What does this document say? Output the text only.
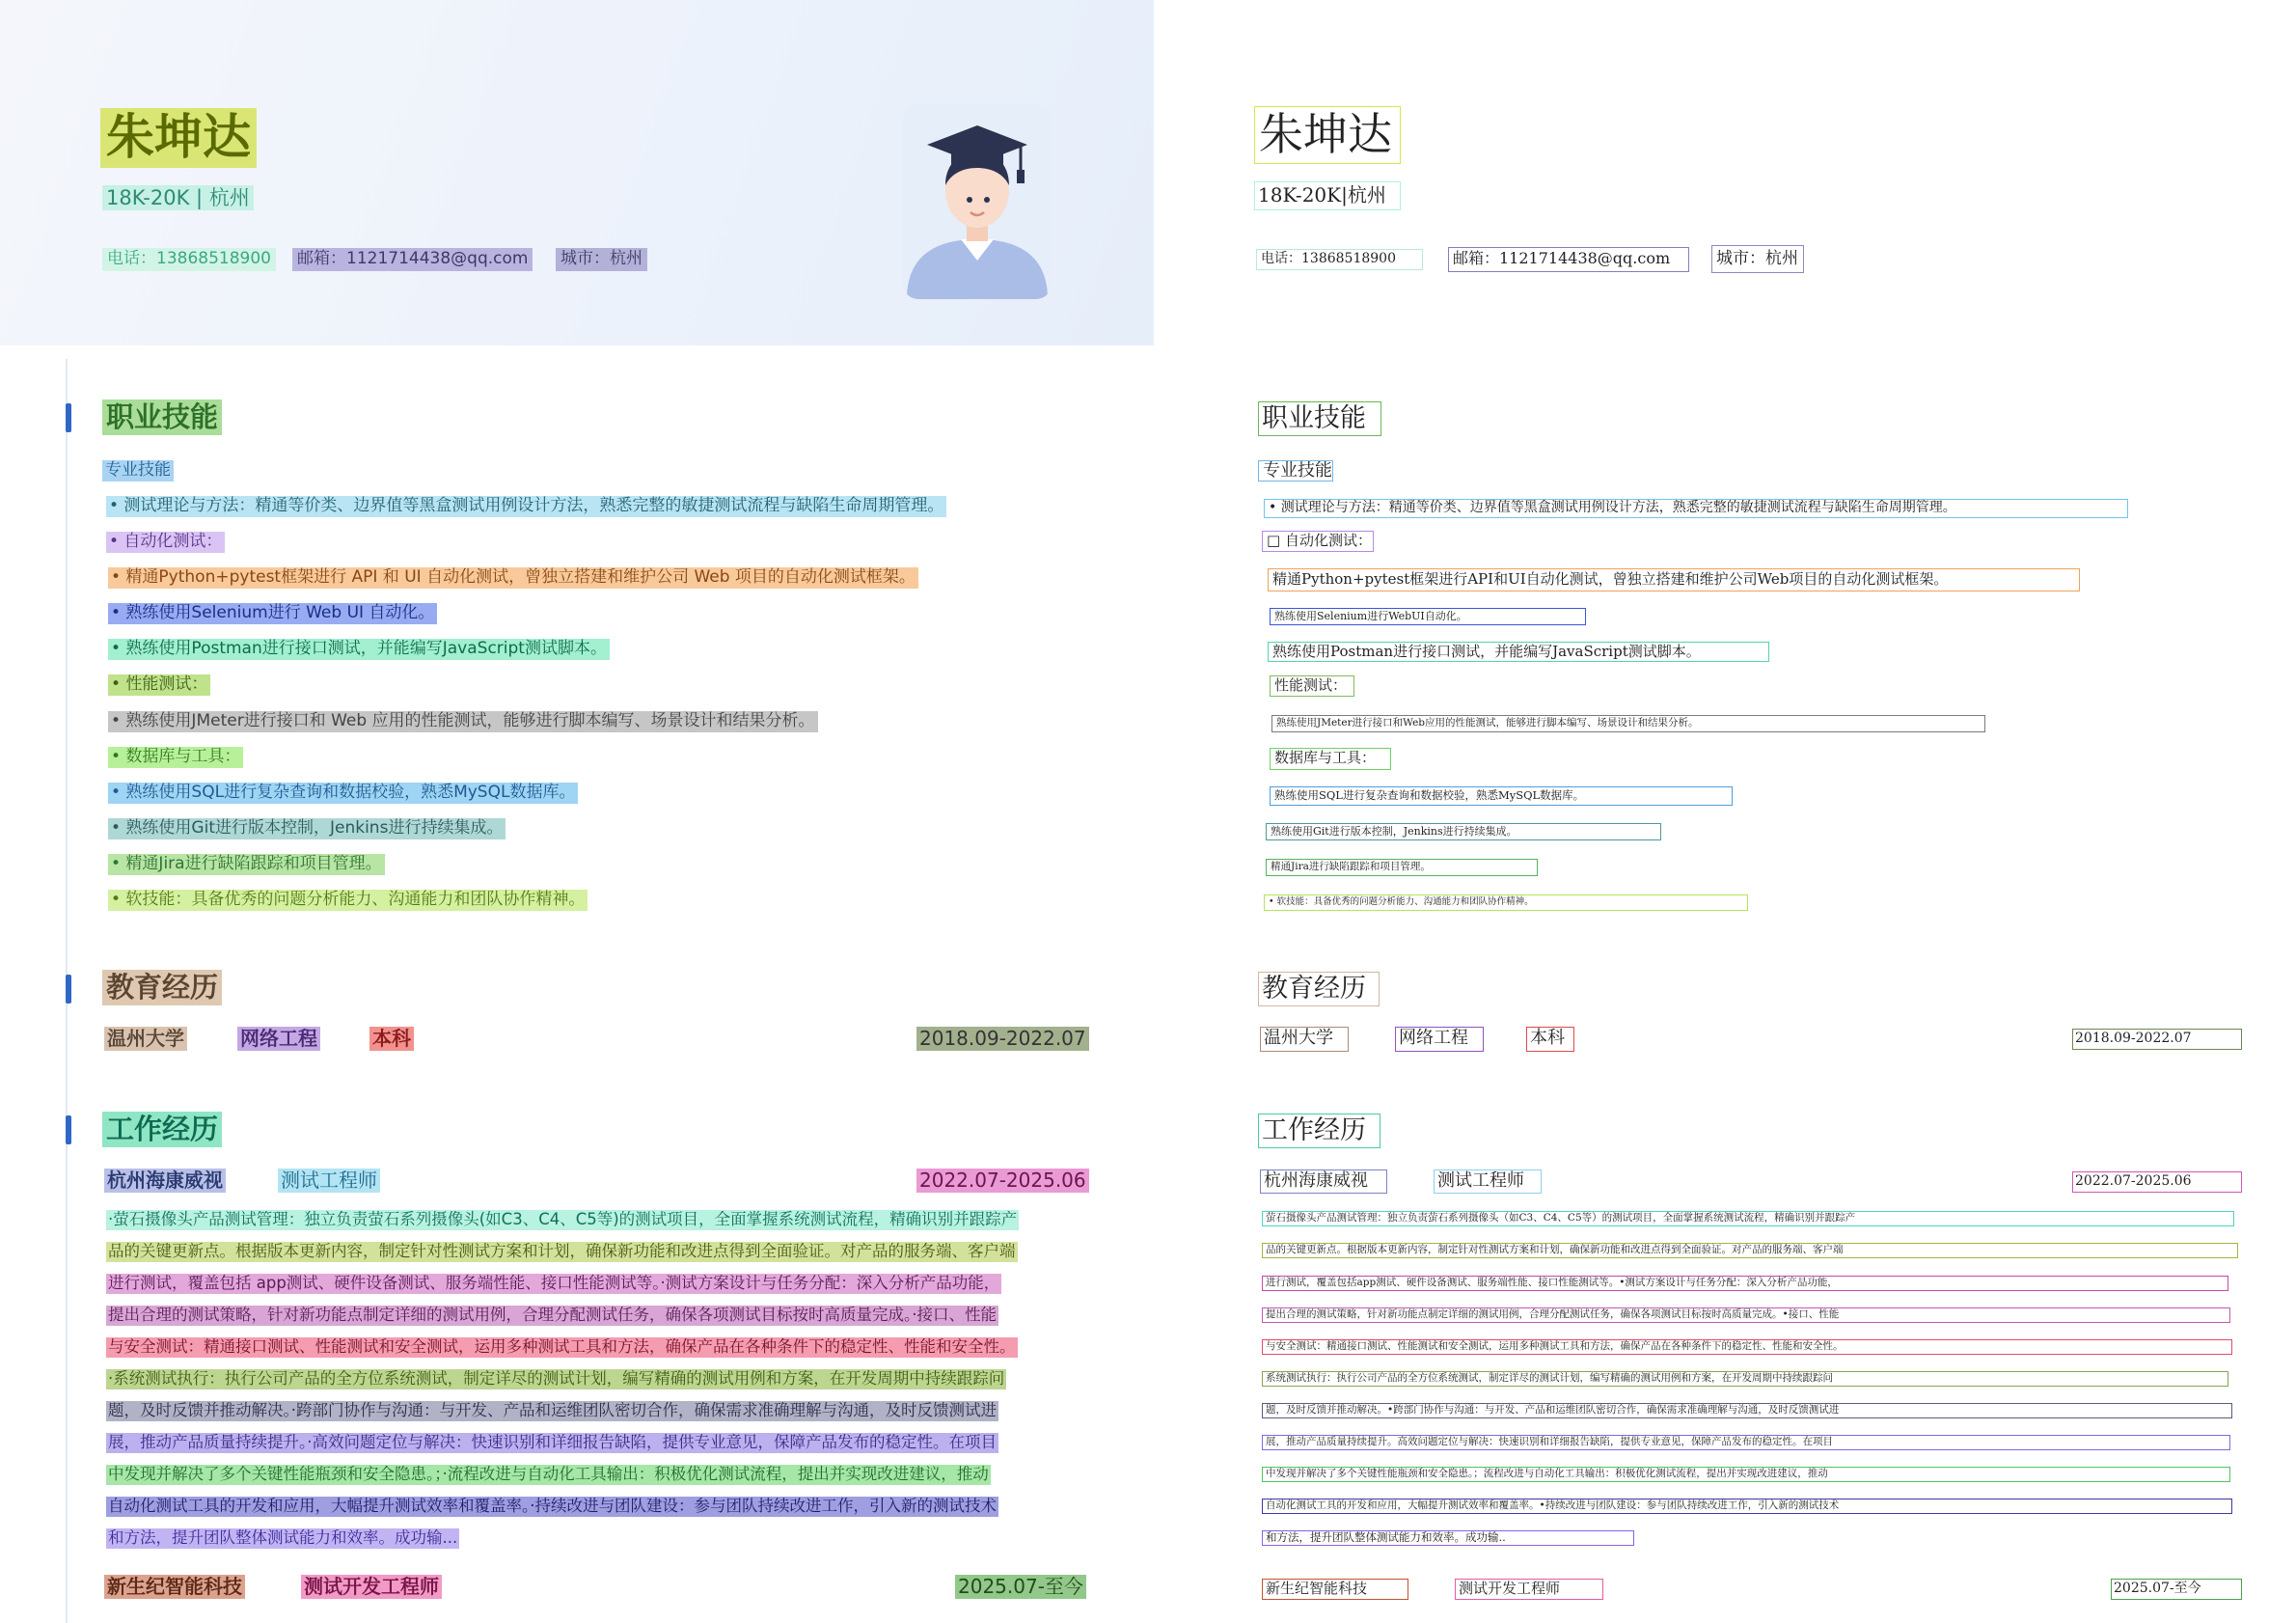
朱坤达
18K-20K | 杭州
电话：13868518900 邮箱：1121714438@qq.com 城市：杭州
职业技能
专业技能
• 测试理论与方法：精通等价类、边界值等黑盒测试用例设计方法，熟悉完整的敏捷测试流程与缺陷生命周期管理。
• 自动化测试：
• 精通Python+pytest框架进行 API 和 UI 自动化测试，曾独立搭建和维护公司 Web 项目的自动化测试框架。
• 熟练使用Selenium进行 Web UI 自动化。
• 熟练使用Postman进行接口测试，并能编写JavaScript测试脚本。
• 性能测试：
• 熟练使用JMeter进行接口和 Web 应用的性能测试，能够进行脚本编写、场景设计和结果分析。
• 数据库与工具：
• 熟练使用SQL进行复杂查询和数据校验，熟悉MySQL数据库。
• 熟练使用Git进行版本控制，Jenkins进行持续集成。
• 精通Jira进行缺陷跟踪和项目管理。
• 软技能：具备优秀的问题分析能力、沟通能力和团队协作精神。
教育经历
温州大学	网络工程	本科	2018.09-2022.07
工作经历
杭州海康威视	测试工程师	2022.07-2025.06
·萤石摄像头产品测试管理：独立负责萤石系列摄像头(如C3、C4、C5等)的测试项目，全面掌握系统测试流程，精确识别并跟踪产
品的关键更新点。根据版本更新内容，制定针对性测试方案和计划，确保新功能和改进点得到全面验证。对产品的服务端、客户端
进行测试，覆盖包括 app测试、硬件设备测试、服务端性能、接口性能测试等。·测试方案设计与任务分配：深入分析产品功能，
提出合理的测试策略，针对新功能点制定详细的测试用例，合理分配测试任务，确保各项测试目标按时高质量完成。·接口、性能
与安全测试：精通接口测试、性能测试和安全测试，运用多种测试工具和方法，确保产品在各种条件下的稳定性、性能和安全性。
·系统测试执行：执行公司产品的全方位系统测试，制定详尽的测试计划，编写精确的测试用例和方案，在开发周期中持续跟踪问
题，及时反馈并推动解决。·跨部门协作与沟通：与开发、产品和运维团队密切合作，确保需求准确理解与沟通，及时反馈测试进
展，推动产品质量持续提升。·高效问题定位与解决：快速识别和详细报告缺陷，提供专业意见，保障产品发布的稳定性。在项目
中发现并解决了多个关键性能瓶颈和安全隐患。；·流程改进与自动化工具输出：积极优化测试流程，提出并实现改进建议，推动
自动化测试工具的开发和应用，大幅提升测试效率和覆盖率。·持续改进与团队建设：参与团队持续改进工作，引入新的测试技术
和方法，提升团队整体测试能力和效率。成功输...
新生纪智能科技	测试开发工程师	2025.07-至今
朱坤达
18K-20K|杭州
电话：13868518900	邮箱：1121714438@qq.com	城市：杭州
职业技能
专业技能
• 测试理论与方法：精通等价类、边界值等黑盒测试用例设计方法，熟悉完整的敏捷测试流程与缺陷生命周期管理。
□ 自动化测试：
精通Python+pytest框架进行API和UI自动化测试，曾独立搭建和维护公司Web项目的自动化测试框架。
熟练使用Selenium进行WebUI自动化。
熟练使用Postman进行接口测试，并能编写JavaScript测试脚本。
性能测试：
熟练使用JMeter进行接口和Web应用的性能测试，能够进行脚本编写、场景设计和结果分析。
数据库与工具：
熟练使用SQL进行复杂查询和数据校验，熟悉MySQL数据库。
熟练使用Git进行版本控制，Jenkins进行持续集成。
精通Jira进行缺陷跟踪和项目管理。
• 软技能：具备优秀的问题分析能力、沟通能力和团队协作精神。
教育经历
温州大学	网络工程	本科	2018.09-2022.07
工作经历
杭州海康威视	测试工程师	2022.07-2025.06
萤石摄像头产品测试管理：独立负责萤石系列摄像头（如C3、C4、C5等）的测试项目，全面掌握系统测试流程，精确识别并跟踪产
品的关键更新点。根据版本更新内容，制定针对性测试方案和计划，确保新功能和改进点得到全面验证。对产品的服务端、客户端
进行测试，覆盖包括app测试、硬件设备测试、服务端性能、接口性能测试等。•测试方案设计与任务分配：深入分析产品功能，
提出合理的测试策略，针对新功能点制定详细的测试用例，合理分配测试任务，确保各项测试目标按时高质量完成。•接口、性能
与安全测试：精通接口测试、性能测试和安全测试，运用多种测试工具和方法，确保产品在各种条件下的稳定性、性能和安全性。
系统测试执行：执行公司产品的全方位系统测试，制定详尽的测试计划，编写精确的测试用例和方案，在开发周期中持续跟踪问
题，及时反馈并推动解决。•跨部门协作与沟通：与开发、产品和运维团队密切合作，确保需求准确理解与沟通，及时反馈测试进
展，推动产品质量持续提升。高效问题定位与解决：快速识别和详细报告缺陷，提供专业意见，保障产品发布的稳定性。在项目
中发现并解决了多个关键性能瓶颈和安全隐患。；流程改进与自动化工具输出：积极优化测试流程，提出并实现改进建议，推动
自动化测试工具的开发和应用，大幅提升测试效率和覆盖率。•持续改进与团队建设：参与团队持续改进工作，引入新的测试技术
和方法，提升团队整体测试能力和效率。成功输..
新生纪智能科技	测试开发工程师	2025.07-至今
